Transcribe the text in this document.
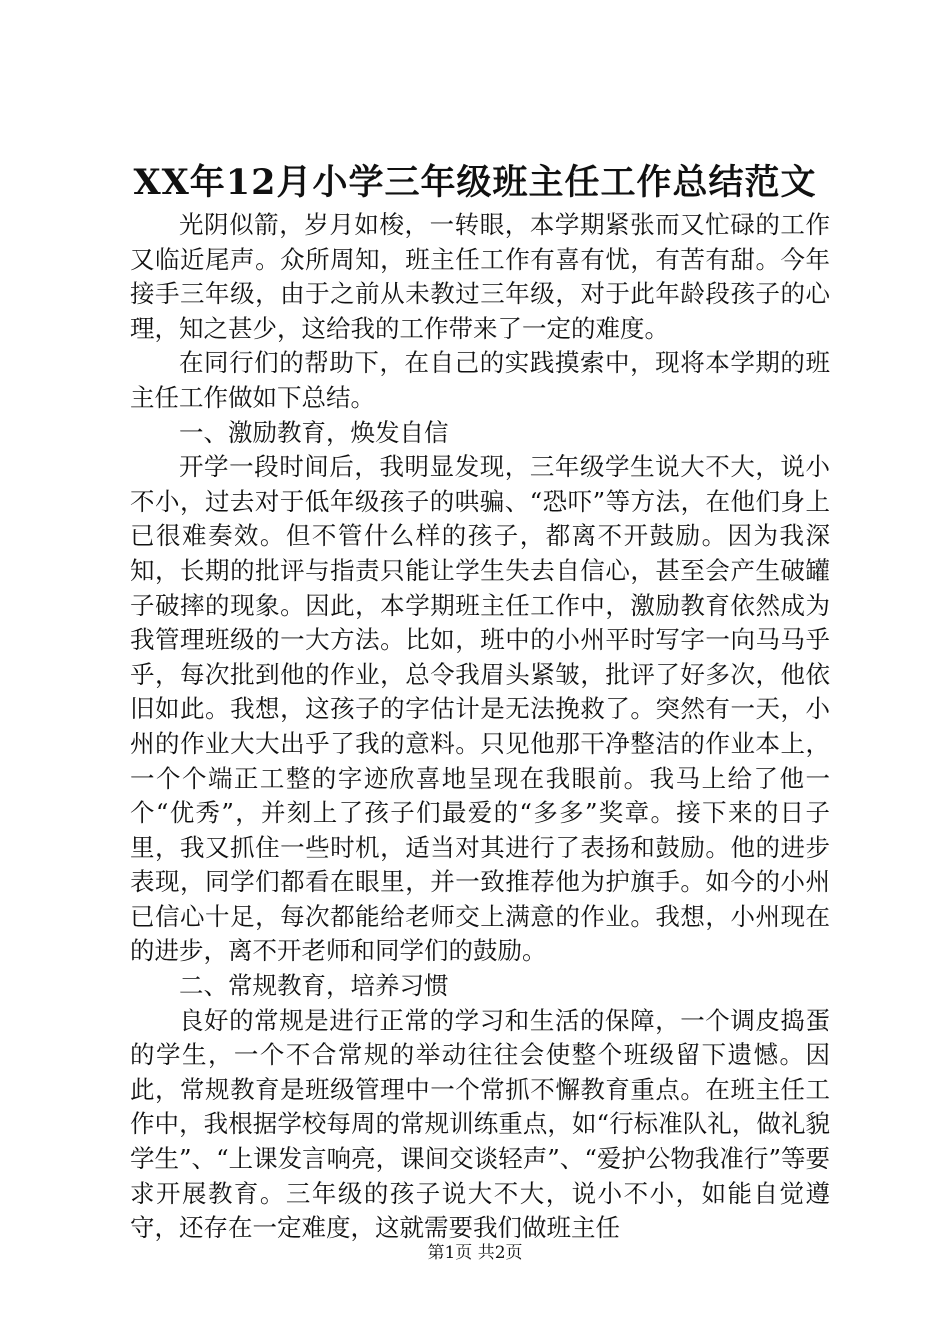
XX年12月小学三年级班主任工作总结范文

光阴似箭，岁月如梭，一转眼，本学期紧张而又忙碌的工作又临近尾声。众所周知，班主任工作有喜有忧，有苦有甜。今年接手三年级，由于之前从未教过三年级，对于此年龄段孩子的心理，知之甚少，这给我的工作带来了一定的难度。

在同行们的帮助下，在自己的实践摸索中，现将本学期的班主任工作做如下总结。

一、激励教育，焕发自信

开学一段时间后，我明显发现，三年级学生说大不大，说小不小，过去对于低年级孩子的哄骗、“恐吓”等方法，在他们身上已很难奏效。但不管什么样的孩子，都离不开鼓励。因为我深知，长期的批评与指责只能让学生失去自信心，甚至会产生破罐子破摔的现象。因此，本学期班主任工作中，激励教育依然成为我管理班级的一大方法。比如，班中的小州平时写字一向马马乎乎，每次批到他的作业，总令我眉头紧皱，批评了好多次，他依旧如此。我想，这孩子的字估计是无法挽救了。突然有一天，小州的作业大大出乎了我的意料。只见他那干净整洁的作业本上，一个个端正工整的字迹欣喜地呈现在我眼前。我马上给了他一个“优秀”，并刻上了孩子们最爱的“多多”奖章。接下来的日子里，我又抓住一些时机，适当对其进行了表扬和鼓励。他的进步表现，同学们都看在眼里，并一致推荐他为护旗手。如今的小州已信心十足，每次都能给老师交上满意的作业。我想，小州现在的进步，离不开老师和同学们的鼓励。

二、常规教育，培养习惯

良好的常规是进行正常的学习和生活的保障，一个调皮捣蛋的学生，一个不合常规的举动往往会使整个班级留下遗憾。因此，常规教育是班级管理中一个常抓不懈教育重点。在班主任工作中，我根据学校每周的常规训练重点，如“行标准队礼，做礼貌学生”、“上课发言响亮，课间交谈轻声”、“爱护公物我准行”等要求开展教育。三年级的孩子说大不大，说小不小，如能自觉遵守，还存在一定难度，这就需要我们做班主任

第1页 共2页
